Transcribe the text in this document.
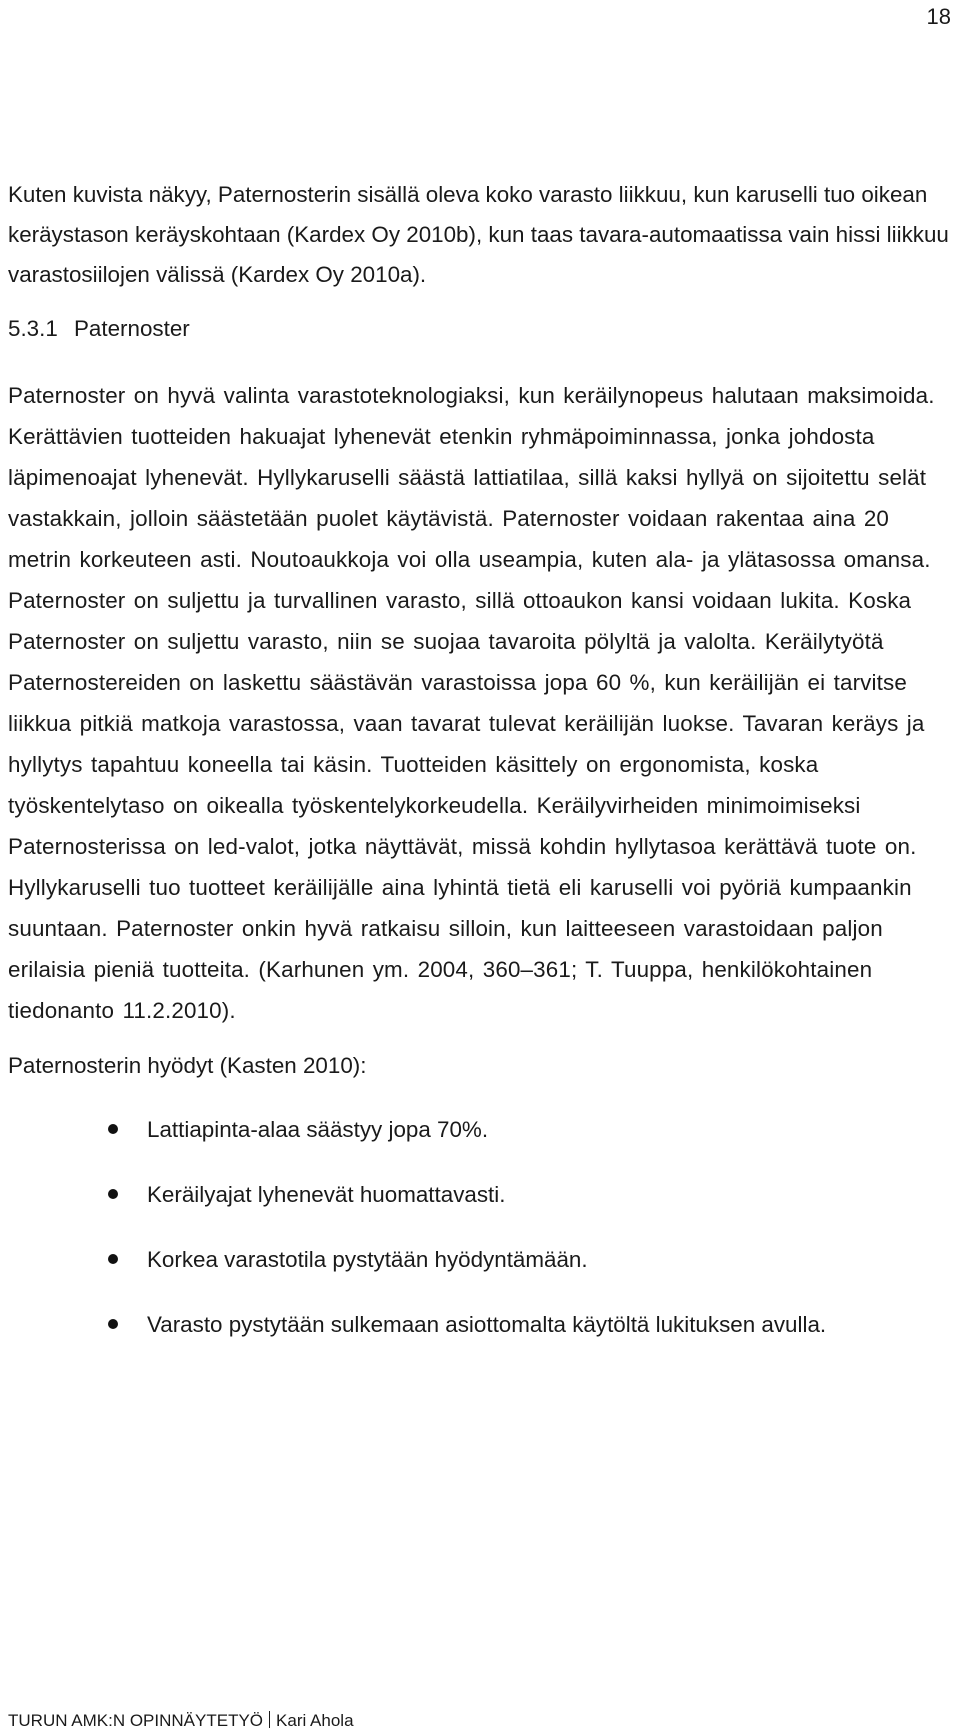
18

Kuten kuvista näkyy, Paternosterin sisällä oleva koko varasto liikkuu, kun karuselli tuo oikean keräystason keräyskohtaan (Kardex Oy 2010b), kun taas tavara-automaatissa vain hissi liikkuu varastosiilojen välissä (Kardex Oy 2010a).

5.3.1 Paternoster

Paternoster on hyvä valinta varastoteknologiaksi, kun keräilynopeus halutaan maksimoida. Kerättävien tuotteiden hakuajat lyhenevät etenkin ryhmäpoiminnassa, jonka johdosta läpimenoajat lyhenevät. Hyllykaruselli säästä lattiatilaa, sillä kaksi hyllyä on sijoitettu selät vastakkain, jolloin säästetään puolet käytävistä. Paternoster voidaan rakentaa aina 20 metrin korkeuteen asti. Noutoaukkoja voi olla useampia, kuten ala- ja ylätasossa omansa. Paternoster on suljettu ja turvallinen varasto, sillä ottoaukon kansi voidaan lukita. Koska Paternoster on suljettu varasto, niin se suojaa tavaroita pölyltä ja valolta. Keräilytyötä Paternostereiden on laskettu säästävän varastoissa jopa 60 %, kun keräilijän ei tarvitse liikkua pitkiä matkoja varastossa, vaan tavarat tulevat keräilijän luokse. Tavaran keräys ja hyllytys tapahtuu koneella tai käsin. Tuotteiden käsittely on ergonomista, koska työskentelytaso on oikealla työskentelykorkeudella. Keräilyvirheiden minimoimiseksi Paternosterissa on led-valot, jotka näyttävät, missä kohdin hyllytasoa kerättävä tuote on. Hyllykaruselli tuo tuotteet keräilijälle aina lyhintä tietä eli karuselli voi pyöriä kumpaankin suuntaan. Paternoster onkin hyvä ratkaisu silloin, kun laitteeseen varastoidaan paljon erilaisia pieniä tuotteita. (Karhunen ym. 2004, 360–361; T. Tuuppa, henkilökohtainen tiedonanto 11.2.2010).

Paternosterin hyödyt (Kasten 2010):
Lattiapinta-alaa säästyy jopa 70%.
Keräilyajat lyhenevät huomattavasti.
Korkea varastotila pystytään hyödyntämään.
Varasto pystytään sulkemaan asiottomalta käytöltä lukituksen avulla.
TURUN AMK:N OPINNÄYTETYÖ Kari Ahola
